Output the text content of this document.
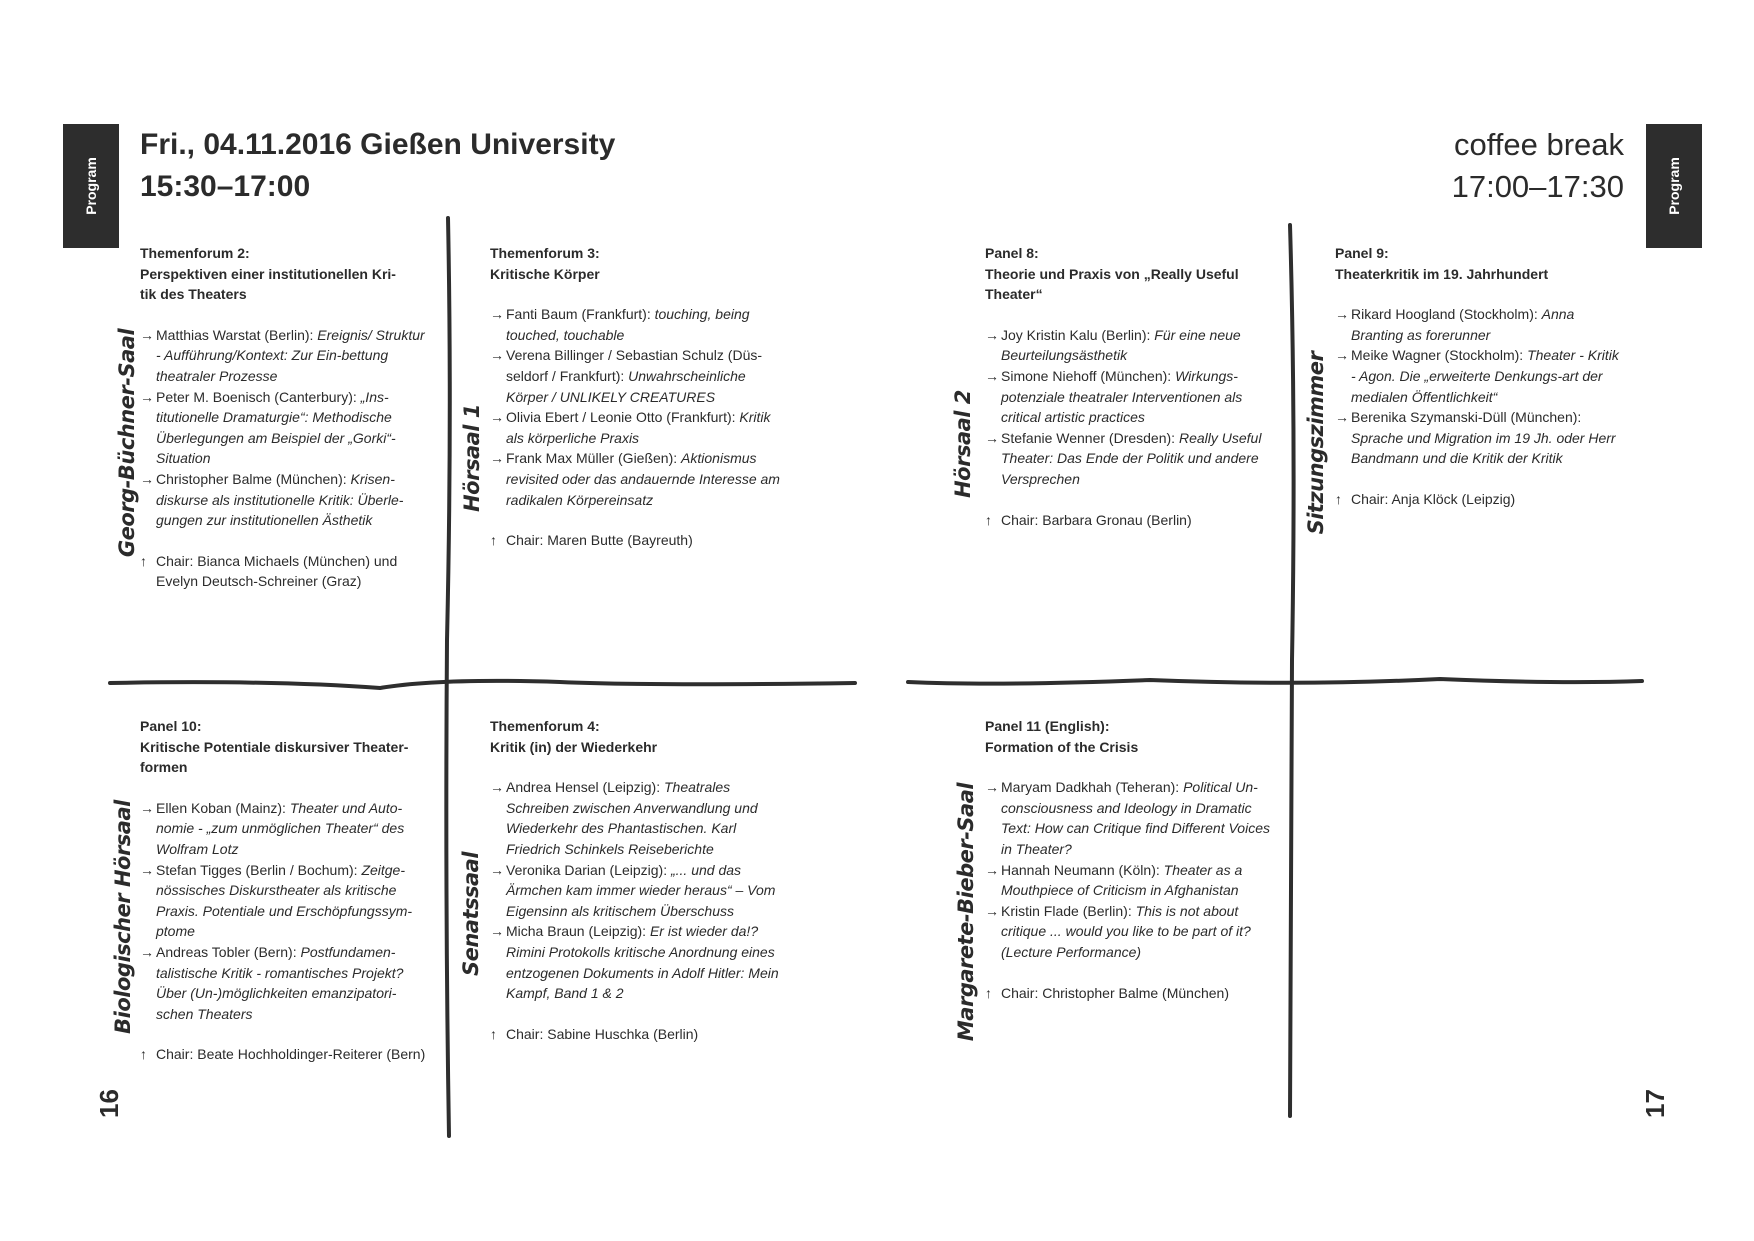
Program	Program
Fri., 04.11.2016 Gießen University
15:30–17:00
coffee break
17:00–17:30
Georg-Büchner-Saal	Hörsaal 1	Hörsaal 2	Sitzungszimmer
Biologischer Hörsaal	Senatssaal	Margarete-Bieber-Saal
Themenforum 2:
Perspektiven einer institutionellen Kri-
tik des Theaters
→ Matthias Warstat (Berlin): Ereignis/ Struktur - Aufführung/Kontext: Zur Ein-bettung theatraler Prozesse
→ Peter M. Boenisch (Canterbury): „Ins-titutionelle Dramaturgie“: Methodische Überlegungen am Beispiel der „Gorki“-Situation
→ Christopher Balme (München): Krisen-diskurse als institutionelle Kritik: Überle-gungen zur institutionellen Ästhetik
↑ Chair: Bianca Michaels (München) und Evelyn Deutsch-Schreiner (Graz)
Themenforum 3:
Kritische Körper
→ Fanti Baum (Frankfurt): touching, being touched, touchable
→ Verena Billinger / Sebastian Schulz (Düs-seldorf / Frankfurt): Unwahrscheinliche Körper / UNLIKELY CREATURES
→ Olivia Ebert / Leonie Otto (Frankfurt): Kritik als körperliche Praxis
→ Frank Max Müller (Gießen): Aktionismus revisited oder das andauernde Interesse am radikalen Körpereinsatz
↑ Chair: Maren Butte (Bayreuth)
Panel 8:
Theorie und Praxis von „Really Useful
Theater“
→ Joy Kristin Kalu (Berlin): Für eine neue Beurteilungsästhetik
→ Simone Niehoff (München): Wirkungs-potenziale theatraler Interventionen als critical artistic practices
→ Stefanie Wenner (Dresden): Really Useful Theater: Das Ende der Politik und andere Versprechen
↑ Chair: Barbara Gronau (Berlin)
Panel 9:
Theaterkritik im 19. Jahrhundert
→ Rikard Hoogland (Stockholm): Anna Branting as forerunner
→ Meike Wagner (Stockholm): Theater - Kritik - Agon. Die „erweiterte Denkungs-art der medialen Öffentlichkeit“
→ Berenika Szymanski-Düll (München): Sprache und Migration im 19 Jh. oder Herr Bandmann und die Kritik der Kritik
↑ Chair: Anja Klöck (Leipzig)
Panel 10:
Kritische Potentiale diskursiver Theater-
formen
→ Ellen Koban (Mainz): Theater und Auto-nomie - „zum unmöglichen Theater“ des Wolfram Lotz
→ Stefan Tigges (Berlin / Bochum): Zeitge-nössisches Diskurstheater als kritische Praxis. Potentiale und Erschöpfungssym-ptome
→ Andreas Tobler (Bern): Postfundamen-talistische Kritik - romantisches Projekt? Über (Un-)möglichkeiten emanzipatori-schen Theaters
↑ Chair: Beate Hochholdinger-Reiterer (Bern)
Themenforum 4:
Kritik (in) der Wiederkehr
→ Andrea Hensel (Leipzig): Theatrales Schreiben zwischen Anverwandlung und Wiederkehr des Phantastischen. Karl Friedrich Schinkels Reiseberichte
→ Veronika Darian (Leipzig): „... und das Ärmchen kam immer wieder heraus“ – Vom Eigensinn als kritischem Überschuss
→ Micha Braun (Leipzig): Er ist wieder da!? Rimini Protokolls kritische Anordnung eines entzogenen Dokuments in Adolf Hitler: Mein Kampf, Band 1 & 2
↑ Chair: Sabine Huschka (Berlin)
Panel 11 (English):
Formation of the Crisis
→ Maryam Dadkhah (Teheran): Political Un-consciousness and Ideology in Dramatic Text: How can Critique find Different Voices in Theater?
→ Hannah Neumann (Köln): Theater as a Mouthpiece of Criticism in Afghanistan
→ Kristin Flade (Berlin): This is not about critique ... would you like to be part of it? (Lecture Performance)
↑ Chair: Christopher Balme (München)
16	17
